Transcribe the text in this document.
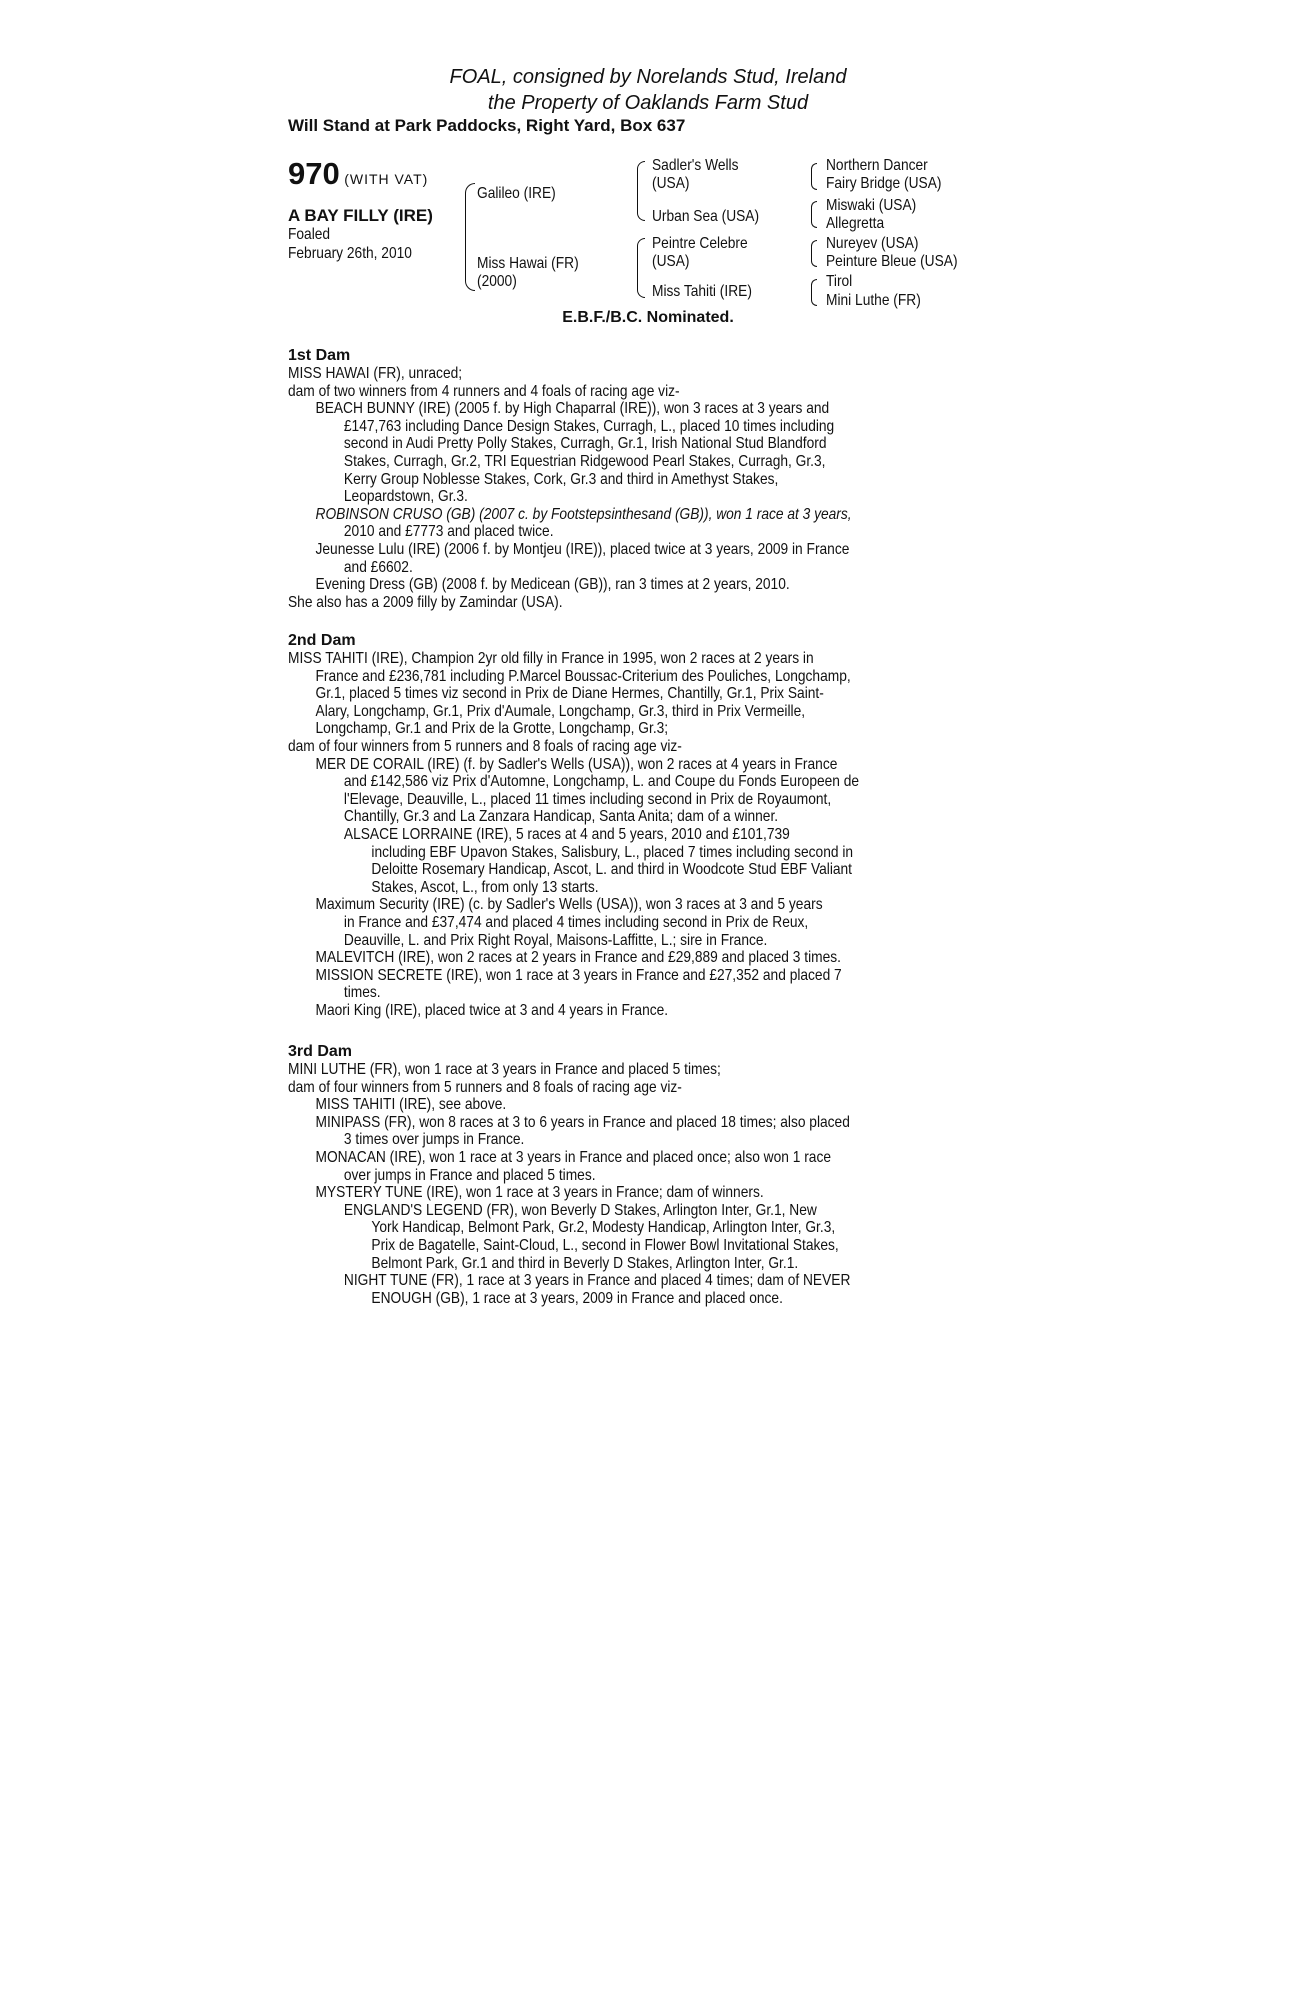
FOAL, consigned by Norelands Stud, Ireland
the Property of Oaklands Farm Stud
Will Stand at Park Paddocks, Right Yard, Box 637
970 (WITH VAT)
A BAY FILLY (IRE)
Foaled
February 26th, 2010
Galileo (IRE)
Miss Hawai (FR)
(2000)
Sadler's Wells
(USA)
Urban Sea (USA)
Peintre Celebre
(USA)
Miss Tahiti (IRE)
Northern Dancer
Fairy Bridge (USA)
Miswaki (USA)
Allegretta
Nureyev (USA)
Peinture Bleue (USA)
Tirol
Mini Luthe (FR)
E.B.F./B.C. Nominated.
1st Dam
MISS HAWAI (FR), unraced;
dam of two winners from 4 runners and 4 foals of racing age viz-
BEACH BUNNY (IRE) (2005 f. by High Chaparral (IRE)), won 3 races at 3 years and
£147,763 including Dance Design Stakes, Curragh, L., placed 10 times including
second in Audi Pretty Polly Stakes, Curragh, Gr.1, Irish National Stud Blandford
Stakes, Curragh, Gr.2, TRI Equestrian Ridgewood Pearl Stakes, Curragh, Gr.3,
Kerry Group Noblesse Stakes, Cork, Gr.3 and third in Amethyst Stakes,
Leopardstown, Gr.3.
ROBINSON CRUSO (GB) (2007 c. by Footstepsinthesand (GB)), won 1 race at 3 years,
2010 and £7773 and placed twice.
Jeunesse Lulu (IRE) (2006 f. by Montjeu (IRE)), placed twice at 3 years, 2009 in France
and £6602.
Evening Dress (GB) (2008 f. by Medicean (GB)), ran 3 times at 2 years, 2010.
She also has a 2009 filly by Zamindar (USA).
2nd Dam
MISS TAHITI (IRE), Champion 2yr old filly in France in 1995, won 2 races at 2 years in
France and £236,781 including P.Marcel Boussac-Criterium des Pouliches, Longchamp,
Gr.1, placed 5 times viz second in Prix de Diane Hermes, Chantilly, Gr.1, Prix Saint-
Alary, Longchamp, Gr.1, Prix d'Aumale, Longchamp, Gr.3, third in Prix Vermeille,
Longchamp, Gr.1 and Prix de la Grotte, Longchamp, Gr.3;
dam of four winners from 5 runners and 8 foals of racing age viz-
MER DE CORAIL (IRE) (f. by Sadler's Wells (USA)), won 2 races at 4 years in France
and £142,586 viz Prix d'Automne, Longchamp, L. and Coupe du Fonds Europeen de
l'Elevage, Deauville, L., placed 11 times including second in Prix de Royaumont,
Chantilly, Gr.3 and La Zanzara Handicap, Santa Anita; dam of a winner.
ALSACE LORRAINE (IRE), 5 races at 4 and 5 years, 2010 and £101,739
including EBF Upavon Stakes, Salisbury, L., placed 7 times including second in
Deloitte Rosemary Handicap, Ascot, L. and third in Woodcote Stud EBF Valiant
Stakes, Ascot, L., from only 13 starts.
Maximum Security (IRE) (c. by Sadler's Wells (USA)), won 3 races at 3 and 5 years
in France and £37,474 and placed 4 times including second in Prix de Reux,
Deauville, L. and Prix Right Royal, Maisons-Laffitte, L.; sire in France.
MALEVITCH (IRE), won 2 races at 2 years in France and £29,889 and placed 3 times.
MISSION SECRETE (IRE), won 1 race at 3 years in France and £27,352 and placed 7
times.
Maori King (IRE), placed twice at 3 and 4 years in France.
3rd Dam
MINI LUTHE (FR), won 1 race at 3 years in France and placed 5 times;
dam of four winners from 5 runners and 8 foals of racing age viz-
MISS TAHITI (IRE), see above.
MINIPASS (FR), won 8 races at 3 to 6 years in France and placed 18 times; also placed
3 times over jumps in France.
MONACAN (IRE), won 1 race at 3 years in France and placed once; also won 1 race
over jumps in France and placed 5 times.
MYSTERY TUNE (IRE), won 1 race at 3 years in France; dam of winners.
ENGLAND'S LEGEND (FR), won Beverly D Stakes, Arlington Inter, Gr.1, New
York Handicap, Belmont Park, Gr.2, Modesty Handicap, Arlington Inter, Gr.3,
Prix de Bagatelle, Saint-Cloud, L., second in Flower Bowl Invitational Stakes,
Belmont Park, Gr.1 and third in Beverly D Stakes, Arlington Inter, Gr.1.
NIGHT TUNE (FR), 1 race at 3 years in France and placed 4 times; dam of NEVER
ENOUGH (GB), 1 race at 3 years, 2009 in France and placed once.
